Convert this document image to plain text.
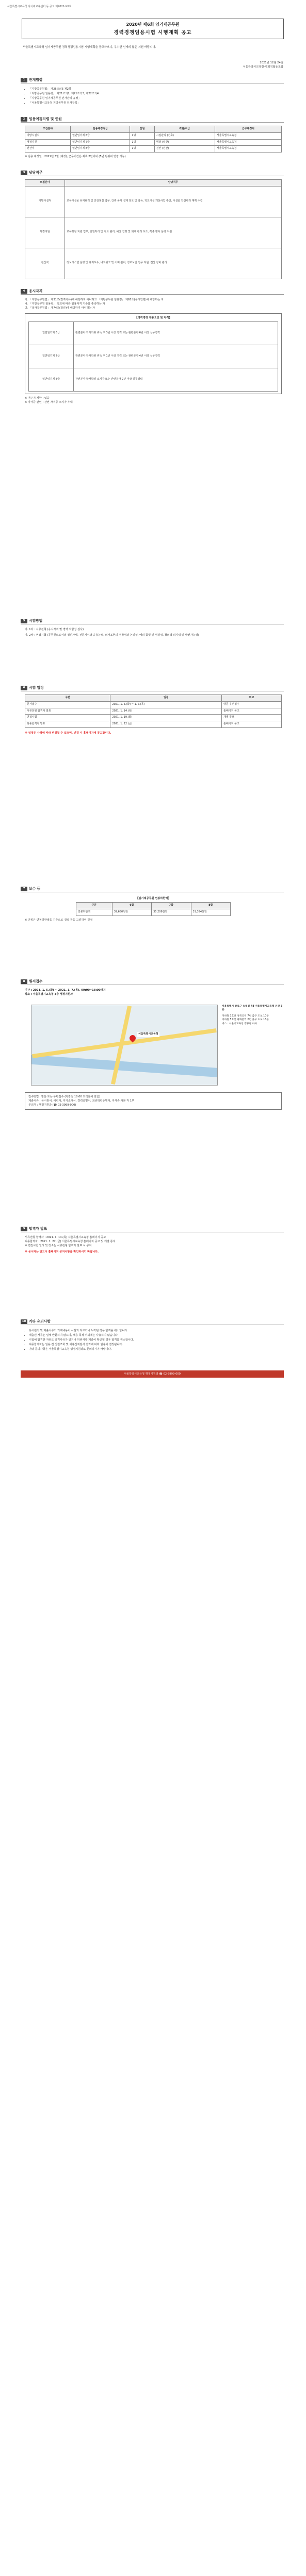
서울특별시교육청 사이버교육센터 등 공고 제2021-XX호
2020년 제6회 임기제공무원
경력경쟁임용시험 시행계획 공고
서울특별시교육청 임기제공무원 경력경쟁임용시험 시행계획을 공고하오니, 우수한 인재의 많은 지원 바랍니다.
2021년 12월 24일
서울특별시교육감·사회적협동조합
1	관계법령
• 「지방공무원법」 제25조의5 제2항
• 「지방공무원 임용령」 제21조의2, 제21조의3, 제22조의4
• 「지방공무원 임기제공무원 인사관리 규정」
• 「서울특별시교육청 지방공무원 인사규칙」
2	임용예정직렬 및 인원
모집분야	임용예정직급	인원	직렬/직급	근무예정지
지방시설직	일반임기제 6급	1명	시설관리 (건축)	서울특별시교육청
행정지원	일반임기제 7급	1명	행정 (일반)	서울특별시교육청
전산직	일반임기제 8급	1명	전산 (전산)	서울특별시교육청
※ 임용 예정일 : 2021년 3월 (예정), 근무기간은 최초 2년이내 (5년 범위내 연장 가능)
3	담당직무
모집분야	담당직무
지방시설직	교육시설물 유지관리 및 안전점검 업무, 건축 공사 설계 검토 및 감독, 학교시설 개선사업 추진, 시설물 안전관리 계획 수립
행정지원	교육행정 지원 업무, 민원처리 및 자료 관리, 예산 집행 및 회계 관리 보조, 각종 행사 운영 지원
전산직	정보시스템 운영 및 유지보수, 네트워크 및 서버 관리, 정보보안 업무 지원, 전산 장비 관리
4	응시자격
가. 「지방공무원법」 제31조(결격사유)에 해당하지 아니하고 「지방공무원 임용령」 제65조(응시연령)에 해당하는 자
나. 「지방공무원 임용령」 별표에 따른 임용자격 기준을 충족하는 자
다. 「국가공무원법」 제74조(정년)에 해당하지 아니하는 자
【경력경쟁 채용요건 및 자격】
일반임기제 6급	관련분야 학사학위 취득 후 3년 이상 경력 또는 관련분야 6년 이상 실무경력
일반임기제 7급	관련분야 학사학위 취득 후 1년 이상 경력 또는 관련분야 4년 이상 실무경력
일반임기제 8급	관련분야 학사학위 소지자 또는 관련분야 2년 이상 실무경력
※ 거주지 제한 : 없음
※ 자격증 관련 : 관련 자격증 소지자 우대
5	시험방법
가. 1차 : 서류전형 (응시자격 및 경력 적합성 심사)
나. 2차 : 면접시험 (공무원으로서의 정신자세, 전문지식과 응용능력, 의사표현의 정확성과 논리성, 예의·품행 및 성실성, 창의력·의지력 및 발전가능성)
6	시험 일정
구분	일정	비고
원서접수	2021. 1. 5.(화) ~ 1. 7.(목)	방문·우편접수
서류전형 합격자 발표	2021. 1. 14.(목)	홈페이지 공고
면접시험	2021. 1. 19.(화)	개별 통보
최종합격자 발표	2021. 1. 22.(금)	홈페이지 공고
※ 일정은 사정에 따라 변경될 수 있으며, 변경 시 홈페이지에 공고합니다.
7	보수 등
【임기제공무원 연봉하한액】
구분	6급	7급	8급
연봉하한액	39,650천원	35,209천원	31,354천원
※ 연봉은 연봉하한액을 기준으로 경력 등을 고려하여 결정
8	원서접수
기간 : 2021. 1. 5.(화) ~ 2021. 1. 7.(목), 09:00~18:00까지
장소 : 서울특별시교육청 3층 행정지원과
서울특별시교육청
서울특별시 종로구 송월길 48 서울특별시교육청 본관 3층
지하철 3호선 경복궁역 7번 출구 도보 10분
지하철 5호선 광화문역 2번 출구 도보 15분
버스 : 서울시교육청 정류장 하차
접수방법 : 방문 또는 우편접수 (마감일 18:00 도착분에 한함)
제출서류 : 응시원서, 이력서, 자기소개서, 경력증명서, 최종학력증명서, 자격증 사본 각 1부
문의처 : 행정지원과 (☎ 02-3999-000)
9	합격자 발표
서류전형 합격자 : 2021. 1. 14.(목) 서울특별시교육청 홈페이지 공고
최종합격자 : 2021. 1. 22.(금) 서울특별시교육청 홈페이지 공고 및 개별 통지
※ 면접시험 일시 및 장소는 서류전형 합격자 발표 시 공지
※ 응시자는 반드시 홈페이지 공지사항을 확인하시기 바랍니다.
10 기타 유의사항
• 응시원서 및 제출서류의 기재내용이 사실과 다르거나 누락된 경우 합격을 취소합니다.
• 제출된 서류는 일체 반환하지 않으며, 채용 목적 이외에는 사용하지 않습니다.
• 시험에 합격한 자라도 결격사유가 있거나 허위서류 제출이 확인될 경우 합격을 취소합니다.
• 최종합격자는 임용 전 신원조회 및 채용신체검사 결과에 따라 임용이 결정됩니다.
• 기타 문의사항은 서울특별시교육청 행정지원과로 문의하시기 바랍니다.
서울특별시교육청 행정지원과 ☎ 02-3999-000
